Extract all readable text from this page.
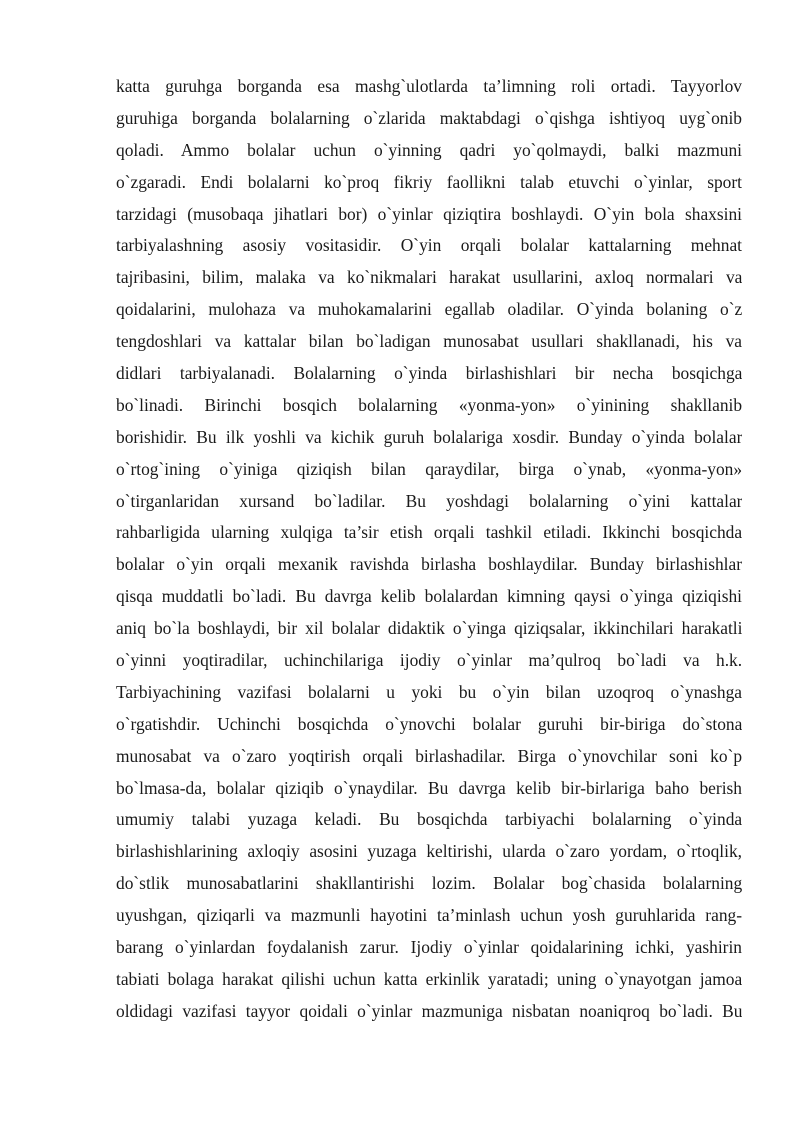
katta guruhga borganda esa mashg`ulotlarda ta’limning roli ortadi. Tayyorlov
guruhiga borganda bolalarning o`zlarida maktabdagi o`qishga ishtiyoq uyg`onib
qoladi. Ammo bolalar uchun o`yinning qadri yo`qolmaydi, balki mazmuni
o`zgaradi. Endi bolalarni ko`proq fikriy faollikni talab etuvchi o`yinlar, sport
tarzidagi (musobaqa jihatlari bor) o`yinlar qiziqtira boshlaydi. O`yin bola shaxsini
tarbiyalashning asosiy vositasidir. O`yin orqali bolalar kattalarning mehnat
tajribasini, bilim, malaka va ko`nikmalari harakat usullarini, axloq normalari va
qoidalarini, mulohaza va muhokamalarini egallab oladilar. O`yinda bolaning o`z
tengdoshlari va kattalar bilan bo`ladigan munosabat usullari shakllanadi, his va
didlari tarbiyalanadi. Bolalarning o`yinda birlashishlari bir necha bosqichga
bo`linadi. Birinchi bosqich bolalarning «yonma-yon» o`yinining shakllanib
borishidir. Bu ilk yoshli va kichik guruh bolalariga xosdir. Bunday o`yinda bolalar
o`rtog`ining o`yiniga qiziqish bilan qaraydilar, birga o`ynab, «yonma-yon»
o`tirganlaridan xursand bo`ladilar. Bu yoshdagi bolalarning o`yini kattalar
rahbarligida ularning xulqiga ta’sir etish orqali tashkil etiladi. Ikkinchi bosqichda
bolalar o`yin orqali mexanik ravishda birlasha boshlaydilar. Bunday birlashishlar
qisqa muddatli bo`ladi. Bu davrga kelib bolalardan kimning qaysi o`yinga qiziqishi
aniq bo`la boshlaydi, bir xil bolalar didaktik o`yinga qiziqsalar, ikkinchilari harakatli
o`yinni yoqtiradilar, uchinchilariga ijodiy o`yinlar ma’qulroq bo`ladi va h.k.
Tarbiyachining vazifasi bolalarni u yoki bu o`yin bilan uzoqroq o`ynashga
o`rgatishdir. Uchinchi bosqichda o`ynovchi bolalar guruhi bir-biriga do`stona
munosabat va o`zaro yoqtirish orqali birlashadilar. Birga o`ynovchilar soni ko`p
bo`lmasa-da, bolalar qiziqib o`ynaydilar. Bu davrga kelib bir-birlariga baho berish
umumiy talabi yuzaga keladi. Bu bosqichda tarbiyachi bolalarning o`yinda
birlashishlarining axloqiy asosini yuzaga keltirishi, ularda o`zaro yordam, o`rtoqlik,
do`stlik munosabatlarini shakllantirishi lozim. Bolalar bog`chasida bolalarning
uyushgan, qiziqarli va mazmunli hayotini ta’minlash uchun yosh guruhlarida rang-
barang o`yinlardan foydalanish zarur. Ijodiy o`yinlar qoidalarining ichki, yashirin
tabiati bolaga harakat qilishi uchun katta erkinlik yaratadi; uning o`ynayotgan jamoa
oldidagi vazifasi tayyor qoidali o`yinlar mazmuniga nisbatan noaniqroq bo`ladi. Bu
